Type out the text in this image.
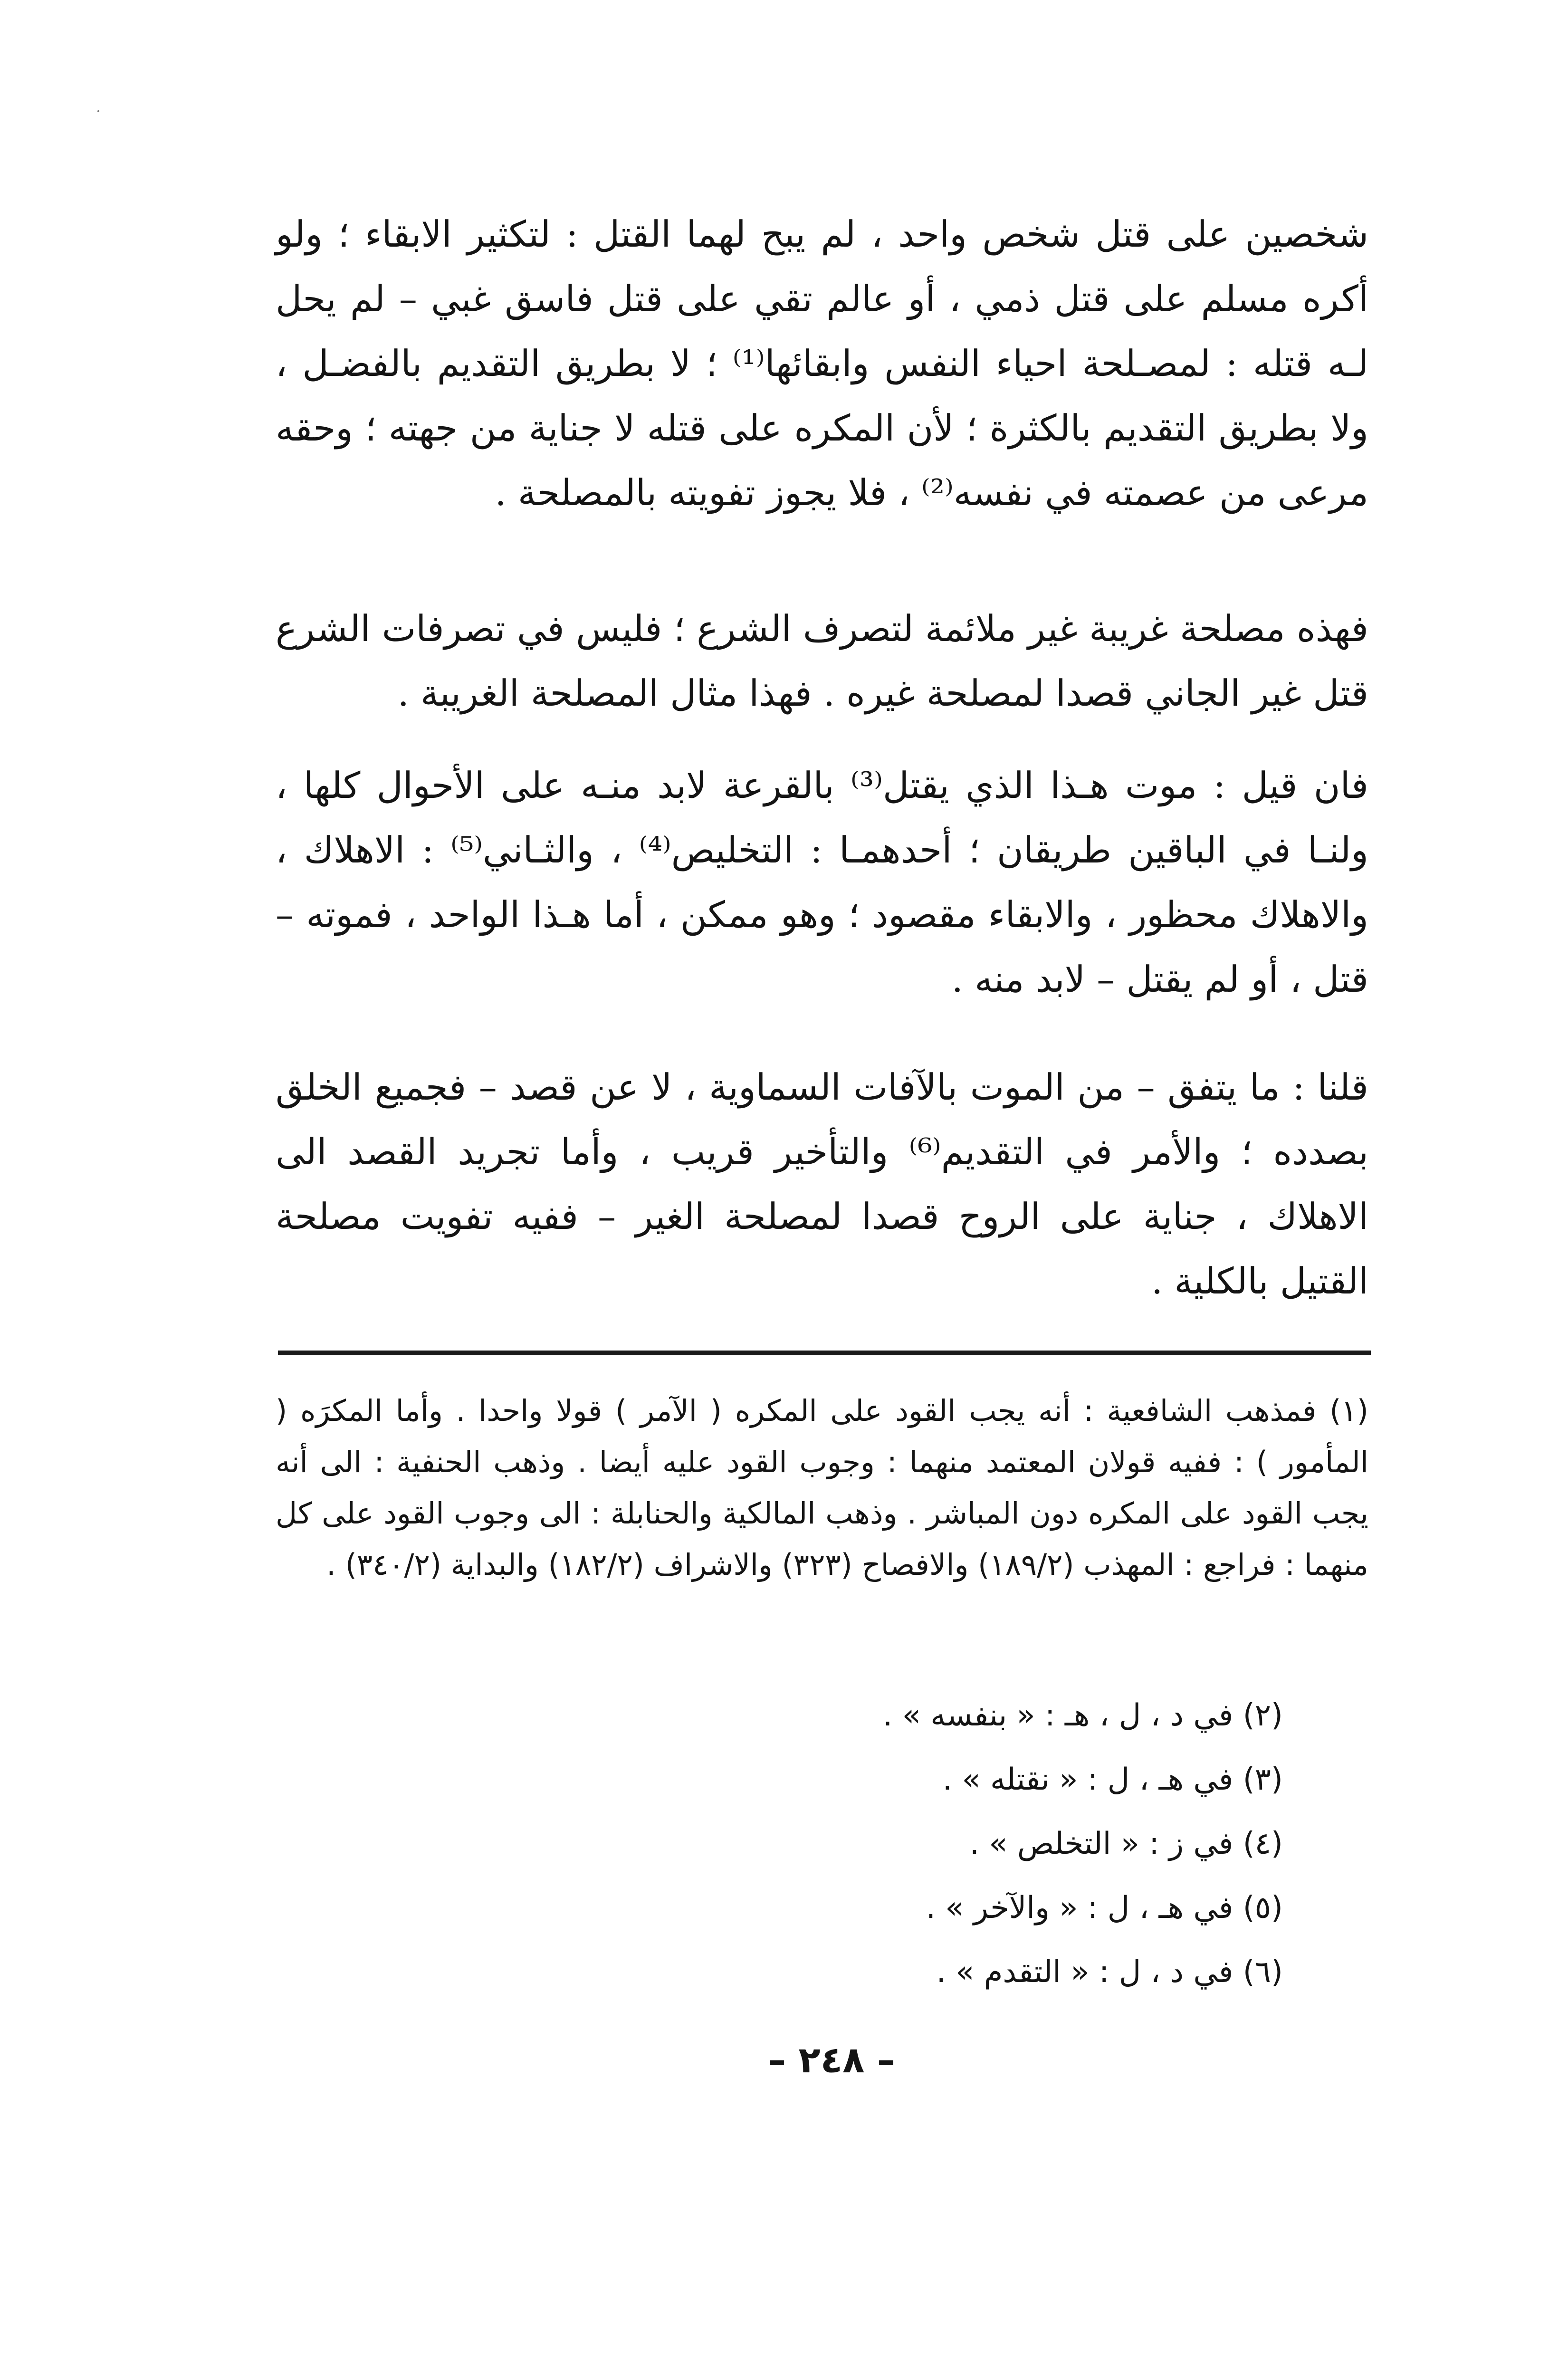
شخصين على قتل شخص واحد ، لم يبح لهما القتل : لتكثير الابقاء ؛ ولو أكره مسلم على قتل ذمي ، أو عالم تقي على قتل فاسق غبي – لم يحل لـه قتله : لمصـلحة احياء النفس وابقائها⁽¹⁾ ؛ لا بطريق التقديم بالفضـل ، ولا بطريق التقديم بالكثرة ؛ لأن المكره على قتله لا جناية من جهته ؛ وحقه مرعى من عصمته في نفسه⁽²⁾ ، فلا يجوز تفويته بالمصلحة .

فهذه مصلحة غريبة غير ملائمة لتصرف الشرع ؛ فليس في تصرفات الشرع قتل غير الجاني قصدا لمصلحة غيره . فهذا مثال المصلحة الغريبة .

فان قيل : موت هـذا الذي يقتل⁽³⁾ بالقرعة لابد منـه على الأحوال كلها ، ولنـا في الباقين طريقان ؛ أحدهمـا : التخليص⁽⁴⁾ ، والثـاني⁽⁵⁾ : الاهلاك ، والاهلاك محظور ، والابقاء مقصود ؛ وهو ممكن ، أما هـذا الواحد ، فموته – قتل ، أو لم يقتل – لابد منه .

قلنا : ما يتفق – من الموت بالآفات السماوية ، لا عن قصد – فجميع الخلق بصدده ؛ والأمر في التقديم⁽⁶⁾ والتأخير قريب ، وأما تجريد القصد الى الاهلاك ، جناية على الروح قصدا لمصلحة الغير – ففيه تفويت مصلحة القتيل بالكلية .

(١) فمذهب الشافعية : أنه يجب القود على المكره ( الآمر ) قولا واحدا . وأما المكرَه ( المأمور ) : ففيه قولان المعتمد منهما : وجوب القود عليه أيضا . وذهب الحنفية : الى أنه يجب القود على المكره دون المباشر . وذهب المالكية والحنابلة : الى وجوب القود على كل منهما : فراجع : المهذب (١٨٩/٢) والافصاح (٣٢٣) والاشراف (١٨٢/٢) والبداية (٣٤٠/٢) .

(٢) في د ، ل ، هـ : « بنفسه » .
(٣) في هـ ، ل : « نقتله » .
(٤) في ز : « التخلص » .
(٥) في هـ ، ل : « والآخر » .
(٦) في د ، ل : « التقدم » .
– ٢٤٨ –
